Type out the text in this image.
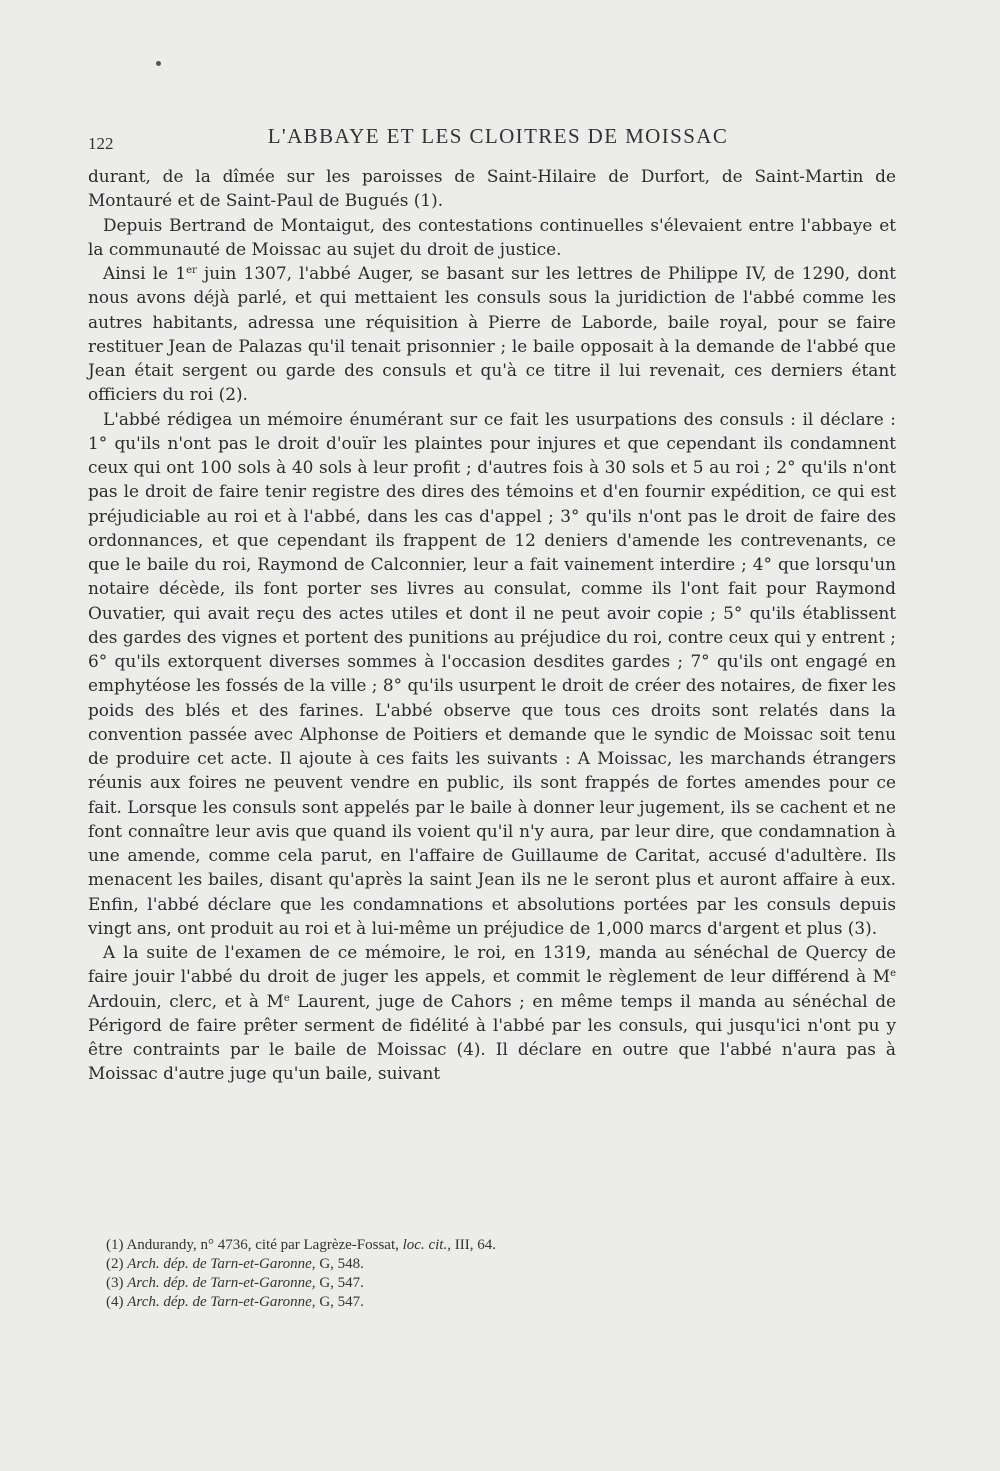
122	L'ABBAYE ET LES CLOITRES DE MOISSAC

durant, de la dîmée sur les paroisses de Saint-Hilaire de Durfort, de Saint-Martin de Montauré et de Saint-Paul de Bugués (1).

Depuis Bertrand de Montaigut, des contestations continuelles s'élevaient entre l'abbaye et la communauté de Moissac au sujet du droit de justice.

Ainsi le 1er juin 1307, l'abbé Auger, se basant sur les lettres de Philippe IV, de 1290, dont nous avons déjà parlé, et qui mettaient les consuls sous la juridiction de l'abbé comme les autres habitants, adressa une réquisition à Pierre de Laborde, baile royal, pour se faire restituer Jean de Palazas qu'il tenait prisonnier ; le baile opposait à la demande de l'abbé que Jean était sergent ou garde des consuls et qu'à ce titre il lui revenait, ces derniers étant officiers du roi (2).

L'abbé rédigea un mémoire énumérant sur ce fait les usurpations des consuls : il déclare : 1° qu'ils n'ont pas le droit d'ouïr les plaintes pour injures et que cependant ils condamnent ceux qui ont 100 sols à 40 sols à leur profit ; d'autres fois à 30 sols et 5 au roi ; 2° qu'ils n'ont pas le droit de faire tenir registre des dires des témoins et d'en fournir expédition, ce qui est préjudiciable au roi et à l'abbé, dans les cas d'appel ; 3° qu'ils n'ont pas le droit de faire des ordonnances, et que cependant ils frappent de 12 deniers d'amende les contrevenants, ce que le baile du roi, Raymond de Calconnier, leur a fait vainement interdire ; 4° que lorsqu'un notaire décède, ils font porter ses livres au consulat, comme ils l'ont fait pour Raymond Ouvatier, qui avait reçu des actes utiles et dont il ne peut avoir copie ; 5° qu'ils établissent des gardes des vignes et portent des punitions au préjudice du roi, contre ceux qui y entrent ; 6° qu'ils extorquent diverses sommes à l'occasion desdites gardes ; 7° qu'ils ont engagé en emphytéose les fossés de la ville ; 8° qu'ils usurpent le droit de créer des notaires, de fixer les poids des blés et des farines. L'abbé observe que tous ces droits sont relatés dans la convention passée avec Alphonse de Poitiers et demande que le syndic de Moissac soit tenu de produire cet acte. Il ajoute à ces faits les suivants : A Moissac, les marchands étrangers réunis aux foires ne peuvent vendre en public, ils sont frappés de fortes amendes pour ce fait. Lorsque les consuls sont appelés par le baile à donner leur jugement, ils se cachent et ne font connaître leur avis que quand ils voient qu'il n'y aura, par leur dire, que condamnation à une amende, comme cela parut, en l'affaire de Guillaume de Caritat, accusé d'adultère. Ils menacent les bailes, disant qu'après la saint Jean ils ne le seront plus et auront affaire à eux. Enfin, l'abbé déclare que les condamnations et absolutions portées par les consuls depuis vingt ans, ont produit au roi et à lui-même un préjudice de 1,000 marcs d'argent et plus (3).

A la suite de l'examen de ce mémoire, le roi, en 1319, manda au sénéchal de Quercy de faire jouir l'abbé du droit de juger les appels, et commit le règlement de leur différend à Me Ardouin, clerc, et à Me Laurent, juge de Cahors ; en même temps il manda au sénéchal de Périgord de faire prêter serment de fidélité à l'abbé par les consuls, qui jusqu'ici n'ont pu y être contraints par le baile de Moissac (4). Il déclare en outre que l'abbé n'aura pas à Moissac d'autre juge qu'un baile, suivant

(1) Andurandy, n° 4736, cité par Lagrèze-Fossat, loc. cit., III, 64.

(2) Arch. dép. de Tarn-et-Garonne, G, 548.

(3) Arch. dép. de Tarn-et-Garonne, G, 547.

(4) Arch. dép. de Tarn-et-Garonne, G, 547.
